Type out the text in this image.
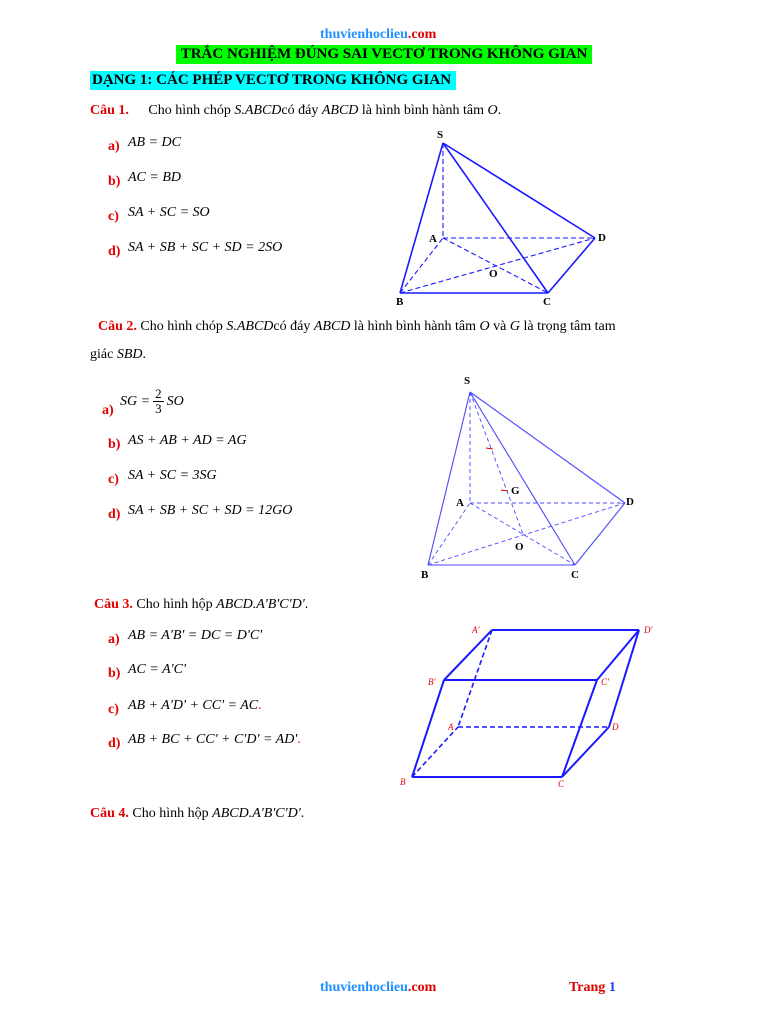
thuvienhoclieu.com
TRẮC NGHIỆM ĐÚNG SAI VECTƠ TRONG KHÔNG GIAN
DẠNG 1: CÁC PHÉP VECTƠ TRONG KHÔNG GIAN
Câu 1. Cho hình chóp S.ABCDcó đáy ABCD là hình bình hành tâm O.
a) AB = DC
b) AC = BD
c) SA + SC = SO
d) SA + SB + SC + SD = 2SO
S
A
B	C
D
O
Câu 2. Cho hình chóp S.ABCDcó đáy ABCD là hình bình hành tâm O và G là trọng tâm tam
giác SBD.
a)
SG = $\frac{2}{3}$ SO
b) AS + AB + AD = AG
c) SA + SC = 3SG
d) SA + SB + SC + SD = 12GO
S
A
B	C
D
O
G
Câu 3. Cho hình hộp ABCD.A'B'C'D'.
a) AB = A'B' = DC = D'C'
b) AC = A'C'
c) AB + A'D' + CC' = AC.
d) AB + BC + CC' + C'D' = AD'.
A'	D'
B'	C'
A	D
B	C
Câu 4. Cho hình hộp ABCD.A'B'C'D'.
thuvienhoclieu.com	Trang 1
